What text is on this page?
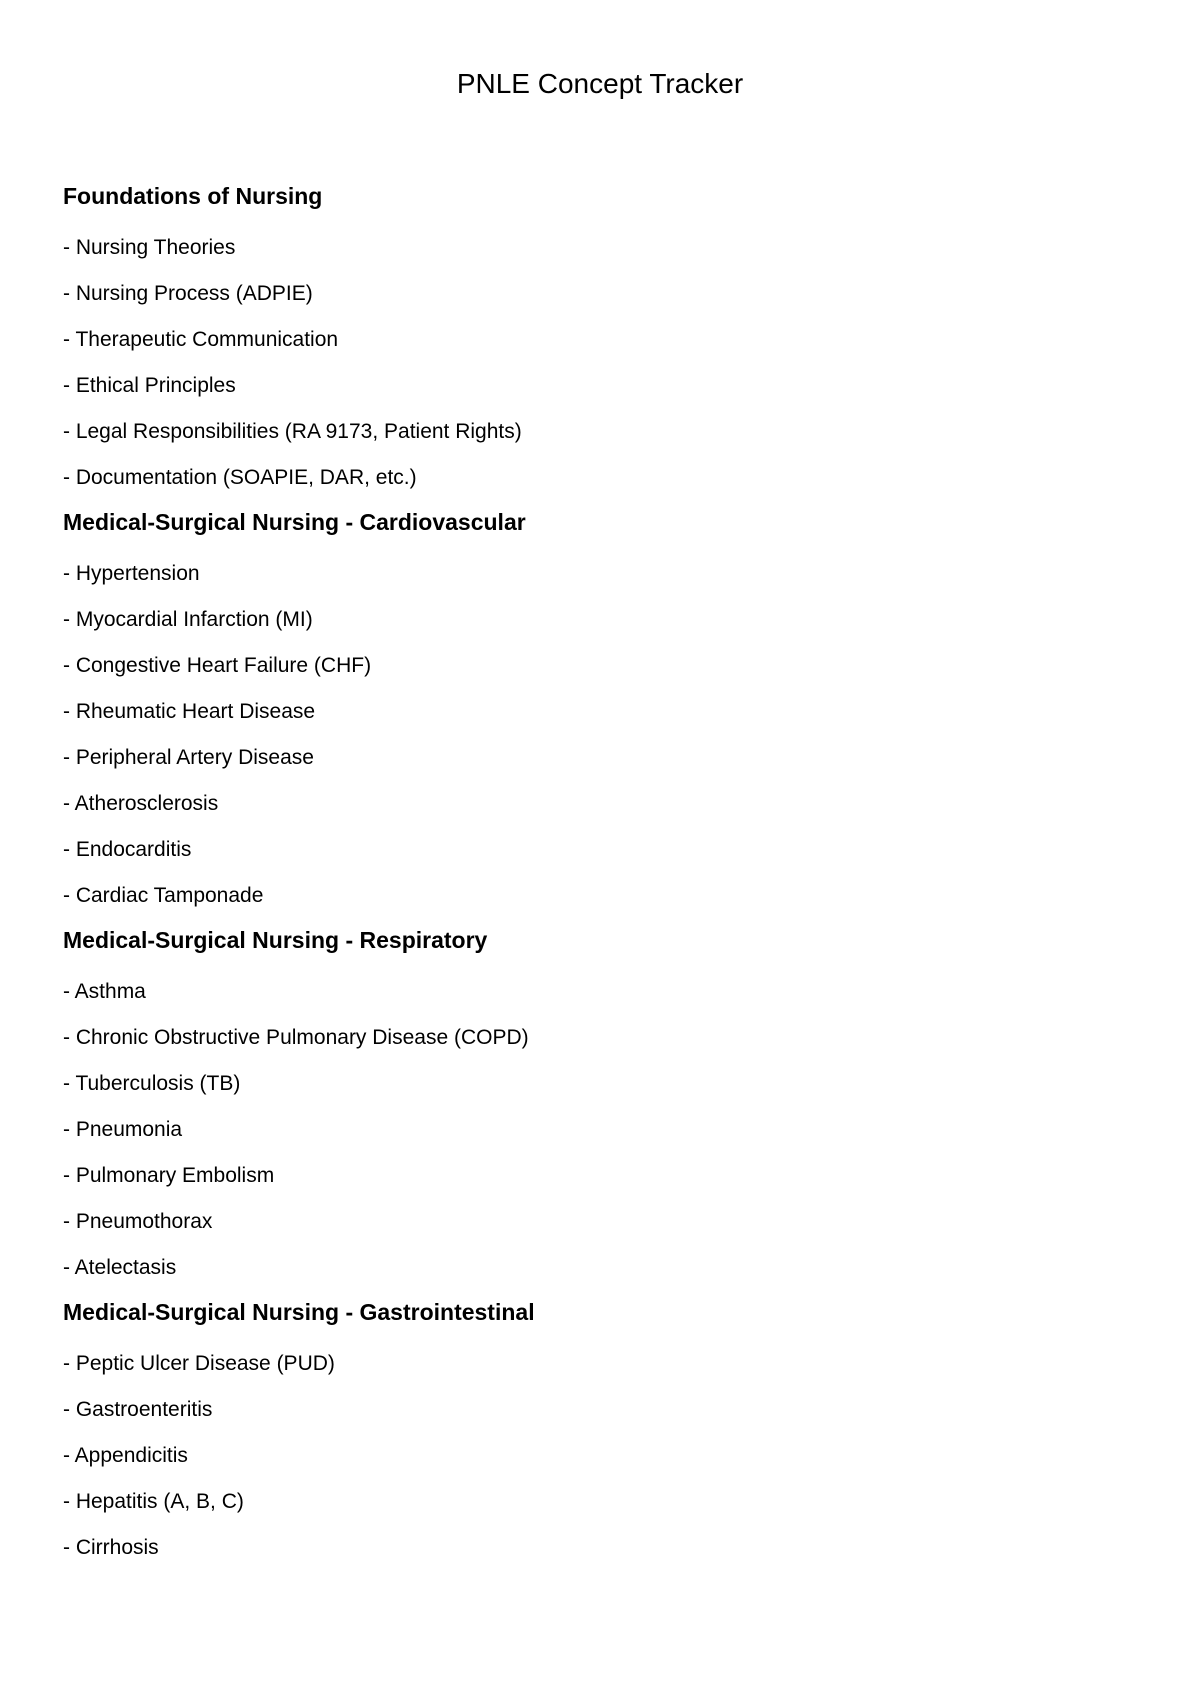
PNLE Concept Tracker
Foundations of Nursing
- Nursing Theories
- Nursing Process (ADPIE)
- Therapeutic Communication
- Ethical Principles
- Legal Responsibilities (RA 9173, Patient Rights)
- Documentation (SOAPIE, DAR, etc.)
Medical-Surgical Nursing - Cardiovascular
- Hypertension
- Myocardial Infarction (MI)
- Congestive Heart Failure (CHF)
- Rheumatic Heart Disease
- Peripheral Artery Disease
- Atherosclerosis
- Endocarditis
- Cardiac Tamponade
Medical-Surgical Nursing - Respiratory
- Asthma
- Chronic Obstructive Pulmonary Disease (COPD)
- Tuberculosis (TB)
- Pneumonia
- Pulmonary Embolism
- Pneumothorax
- Atelectasis
Medical-Surgical Nursing - Gastrointestinal
- Peptic Ulcer Disease (PUD)
- Gastroenteritis
- Appendicitis
- Hepatitis (A, B, C)
- Cirrhosis
